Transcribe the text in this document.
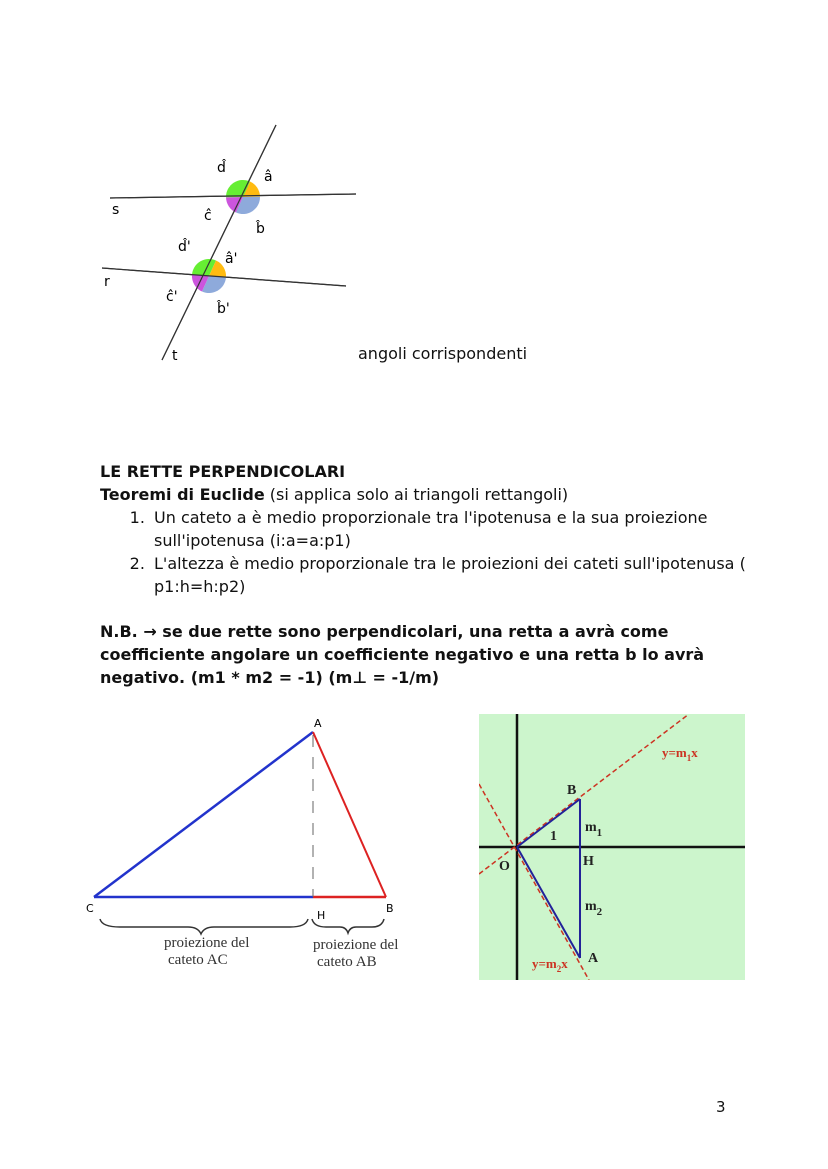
s
r
t
d̂
â
ĉ
b̂
d̂'
â'
ĉ'
b̂'
angoli corrispondenti
LE RETTE PERPENDICOLARI

Teoremi di Euclide (si applica solo ai triangoli rettangoli)

1. Un cateto a è medio proporzionale tra l'ipotenusa e la sua proiezione sull'ipotenusa (i:a=a:p1)
2. L'altezza è medio proporzionale tra le proiezioni dei cateti sull'ipotenusa ( p1:h=h:p2)

N.B. → se due rette sono perpendicolari, una retta a avrà come coefficiente angolare un coefficiente negativo e una retta b lo avrà negativo. (m1 * m2 = -1) (m⊥ = -1/m)

A
C
H
B
proiezione del
cateto AC
proiezione del
cateto AB
O
B
1
H
A
$m_1$
$m_2$
$y=m_1x$
$y=m_2x$
3
